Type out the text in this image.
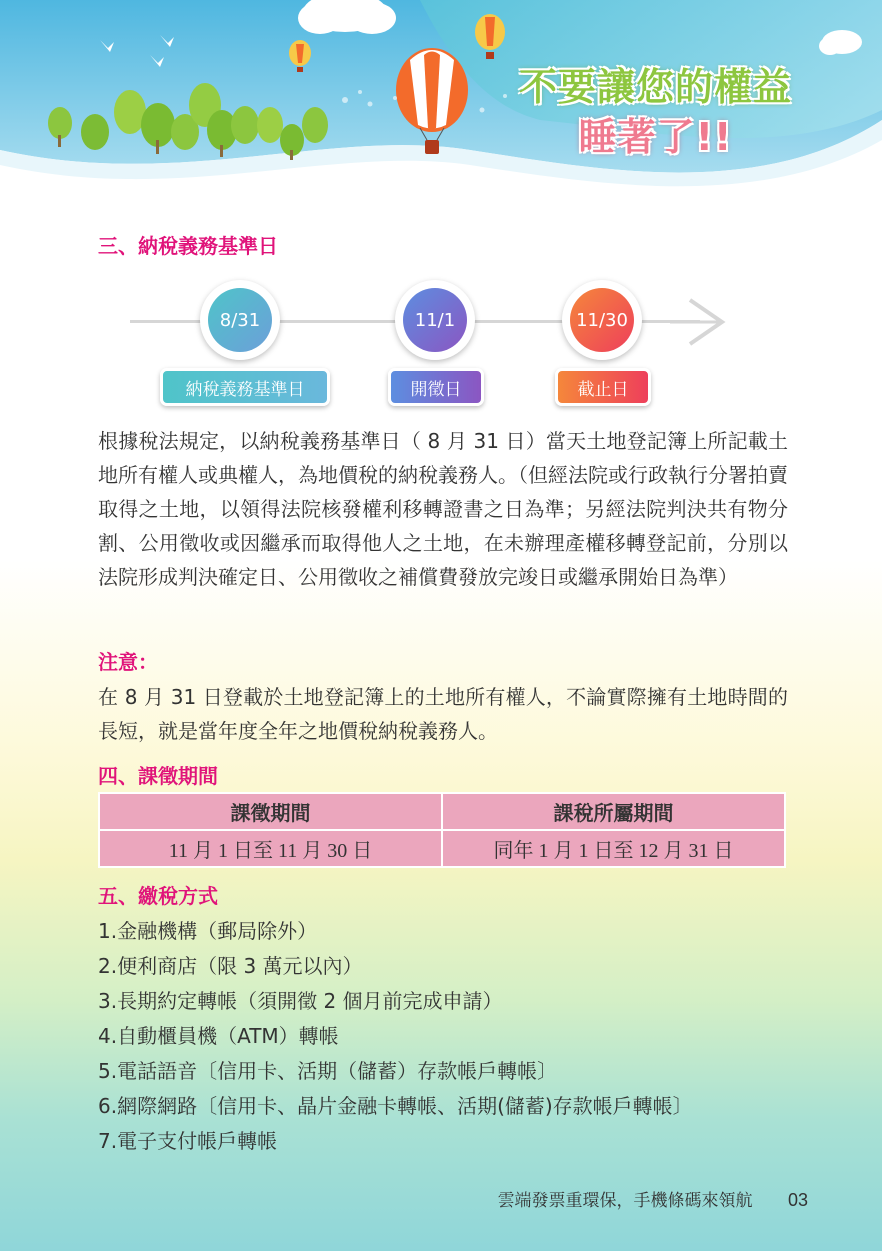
不要讓您的權益
睡著了!!
三、納稅義務基準日
8/31	11/1	11/30
納稅義務基準日	開徵日	截止日

根據稅法規定，以納稅義務基準日（ 8 月 31 日）當天土地登記簿上所記載土地所有權人或典權人，為地價稅的納稅義務人。（但經法院或行政執行分署拍賣取得之土地，以領得法院核發權利移轉證書之日為準；另經法院判決共有物分割、公用徵收或因繼承而取得他人之土地，在未辦理產權移轉登記前，分別以法院形成判決確定日、公用徵收之補償費發放完竣日或繼承開始日為準）

注意：

在 8 月 31 日登載於土地登記簿上的土地所有權人，不論實際擁有土地時間的長短，就是當年度全年之地價稅納稅義務人。

四、課徵期間
課徵期間	課稅所屬期間
11 月 1 日至 11 月 30 日	同年 1 月 1 日至 12 月 31 日
五、繳稅方式
1.金融機構（郵局除外）
2.便利商店（限 3 萬元以內）
3.長期約定轉帳（須開徵 2 個月前完成申請）
4.自動櫃員機（ATM）轉帳
5.電話語音〔信用卡、活期（儲蓄）存款帳戶轉帳〕
6.網際網路〔信用卡、晶片金融卡轉帳、活期(儲蓄)存款帳戶轉帳〕
7.電子支付帳戶轉帳
雲端發票重環保，手機條碼來領航 03
